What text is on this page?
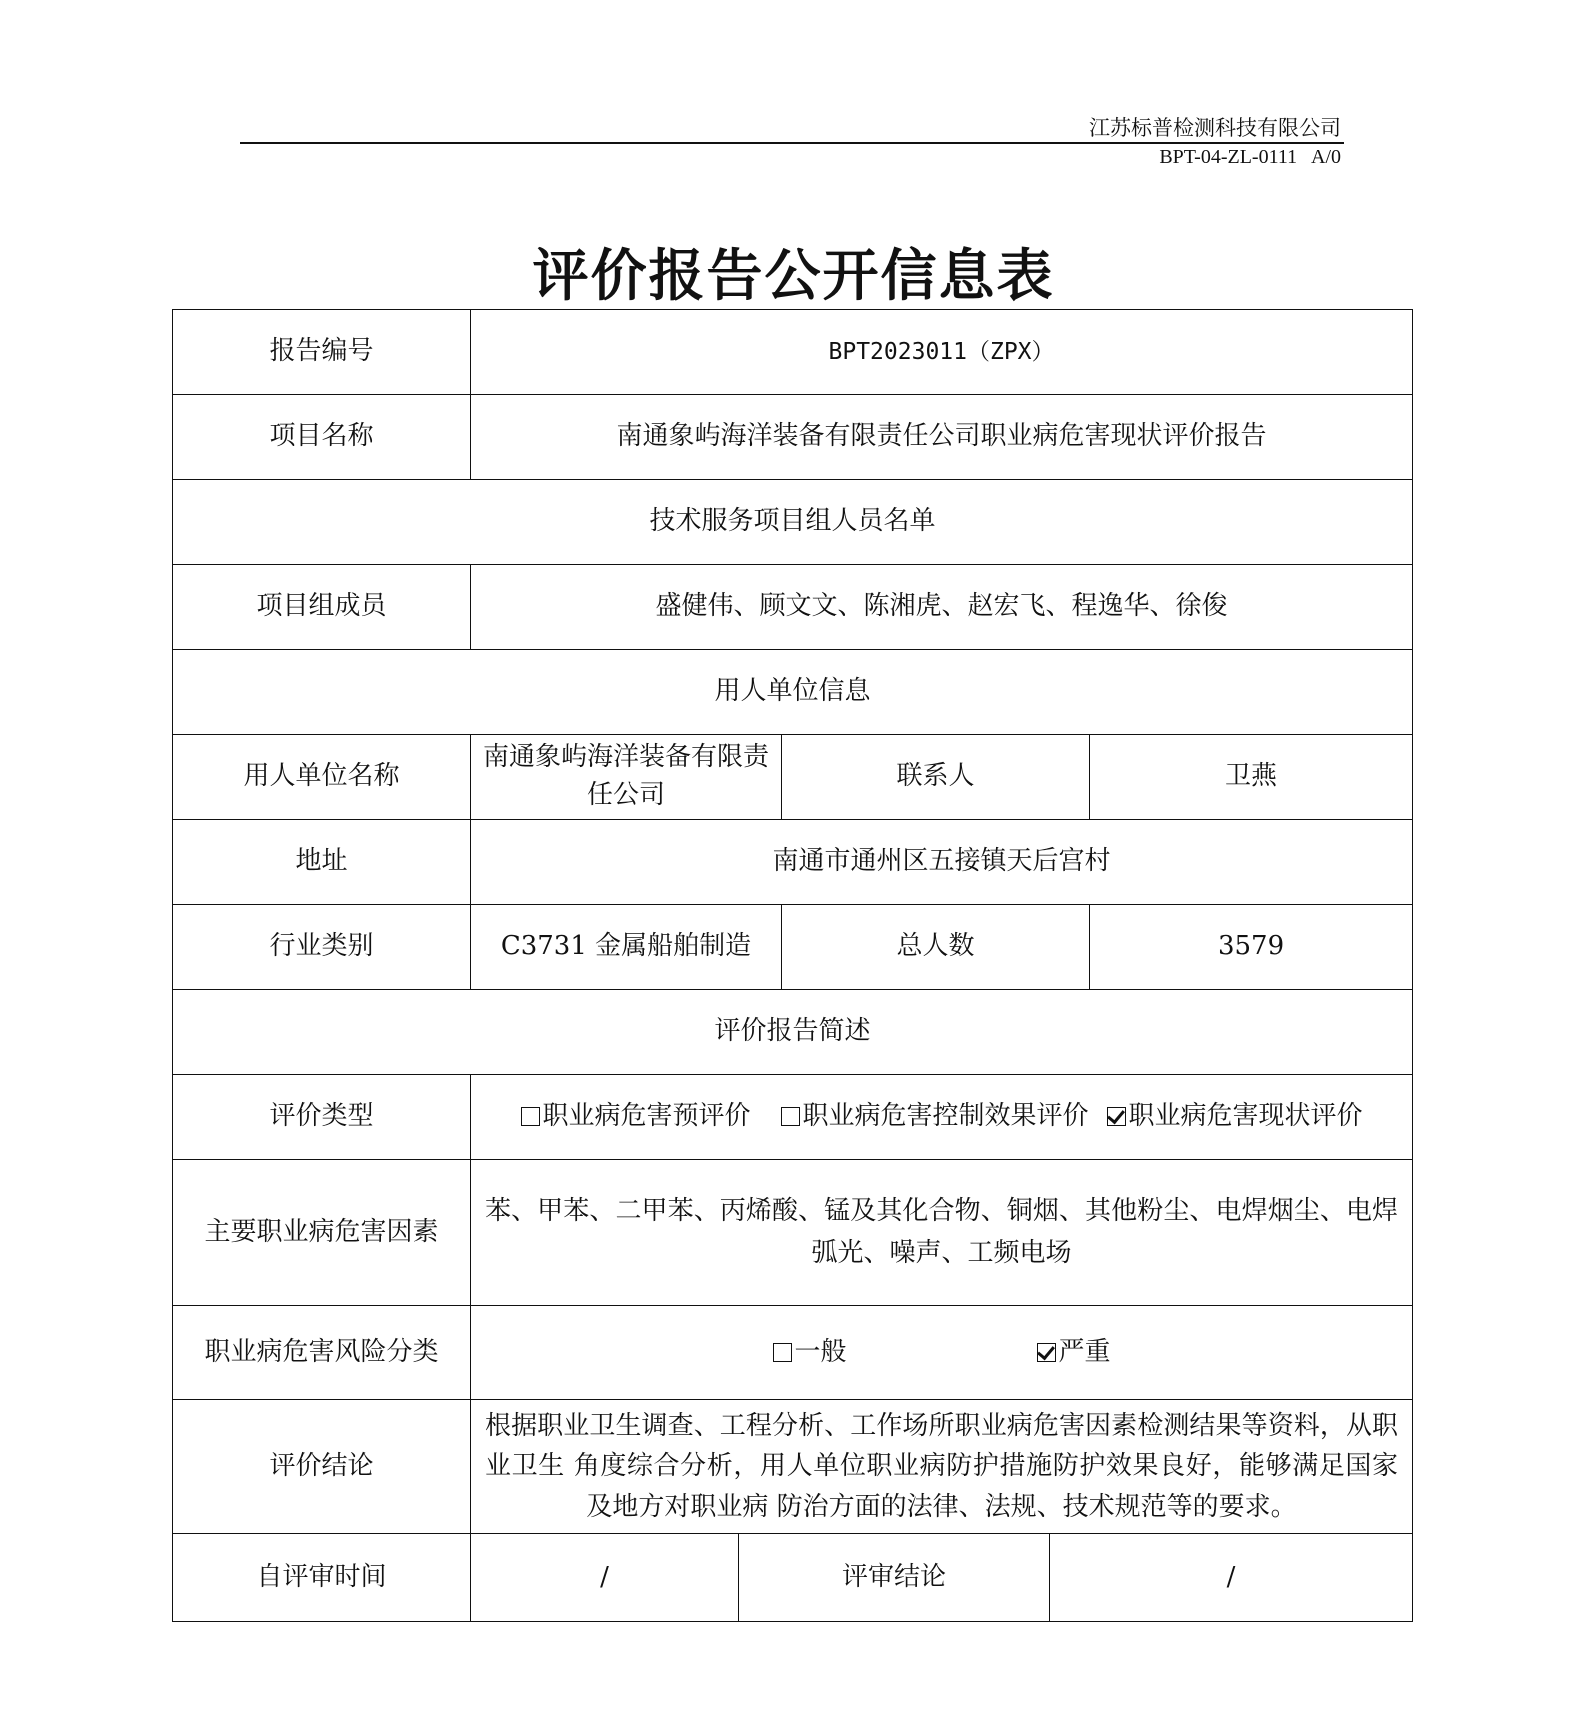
江苏标普检测科技有限公司
BPT-04-ZL-0111 A/0
评价报告公开信息表
报告编号	BPT2023011（ZPX）				
项目名称	南通象屿海洋装备有限责任公司职业病危害现状评价报告				
技术服务项目组人员名单					
项目组成员	盛健伟、顾文文、陈湘虎、赵宏飞、程逸华、徐俊				
用人单位信息					
用人单位名称	南通象屿海洋装备有限责任公司		联系人		卫燕
地址	南通市通州区五接镇天后宫村				
行业类别	C3731 金属船舶制造		总人数		3579
评价报告简述					
评价类型	职业病危害预评价 职业病危害控制效果评价 职业病危害现状评价				
主要职业病危害因素	苯、甲苯、二甲苯、丙烯酸、锰及其化合物、铜烟、其他粉尘、电焊烟尘、电焊弧光、噪声、工频电场				
职业病危害风险分类	一般 严重				
评价结论	根据职业卫生调查、工程分析、工作场所职业病危害因素检测结果等资料，从职业卫生 角度综合分析，用人单位职业病防护措施防护效果良好，能够满足国家及地方对职业病 防治方面的法律、法规、技术规范等的要求。				
自评审时间	/	评审结论		/	
